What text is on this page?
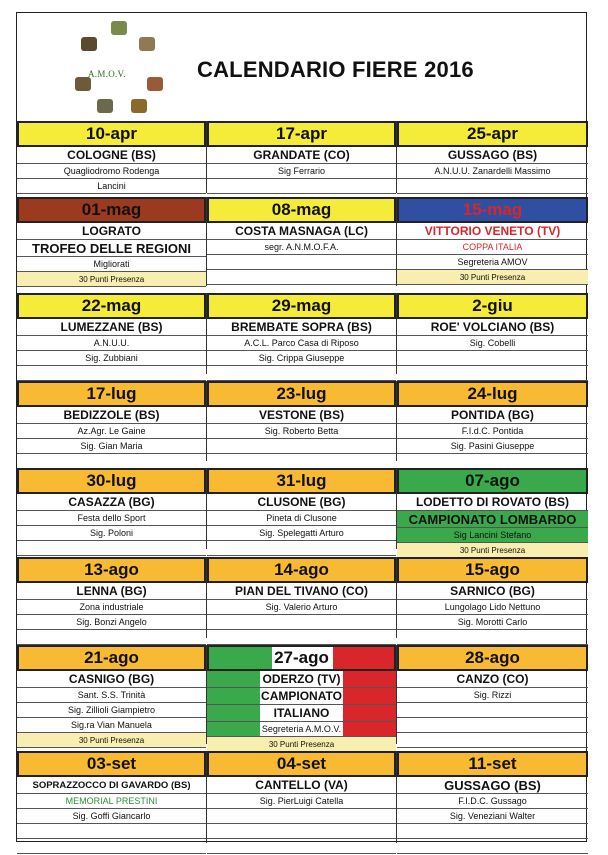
A.M.O.V.	CALENDARIO FIERE 2016
10-apr
COLOGNE (BS)
Quagliodromo Rodenga
Lancini
17-apr
GRANDATE (CO)
Sig Ferrario
25-apr
GUSSAGO (BS)
A.N.U.U. Zanardelli Massimo
01-mag
LOGRATO
TROFEO DELLE REGIONI
Migliorati
30 Punti Presenza
08-mag
COSTA MASNAGA (LC)
segr. A.N.M.O.F.A.
15-mag
VITTORIO VENETO (TV)
COPPA ITALIA
Segreteria AMOV
30 Punti Presenza
22-mag
LUMEZZANE (BS)
A.N.U.U.
Sig. Zubbiani
29-mag
BREMBATE SOPRA (BS)
A.C.L. Parco Casa di Riposo
Sig. Crippa Giuseppe
2-giu
ROE' VOLCIANO (BS)
Sig. Cobelli
17-lug
BEDIZZOLE (BS)
Az.Agr. Le Gaine
Sig. Gian Maria
23-lug
VESTONE (BS)
Sig. Roberto Betta
24-lug
PONTIDA (BG)
F.I.d.C. Pontida
Sig. Pasini Giuseppe
30-lug
CASAZZA (BG)
Festa dello Sport
Sig. Poloni
31-lug
CLUSONE (BG)
Pineta di Clusone
Sig. Spelegatti Arturo
07-ago
LODETTO DI ROVATO (BS)
CAMPIONATO LOMBARDO
Sig Lancini Stefano
30 Punti Presenza
13-ago
LENNA (BG)
Zona industriale
Sig. Bonzi Angelo
14-ago
PIAN DEL TIVANO (CO)
Sig. Valerio Arturo
15-ago
SARNICO (BG)
Lungolago Lido Nettuno
Sig. Morotti Carlo
21-ago
CASNIGO (BG)
Sant. S.S. Trinità
Sig. Zillioli Giampietro
Sig.ra Vian Manuela
30 Punti Presenza
27-ago
ODERZO (TV)
CAMPIONATO
ITALIANO
Segreteria A.M.O.V.
30 Punti Presenza
28-ago
CANZO (CO)
Sig. Rizzi
03-set
SOPRAZZOCCO DI GAVARDO (BS)
MEMORIAL PRESTINI
Sig. Goffi Giancarlo
04-set
CANTELLO (VA)
Sig. PierLuigi Catella
11-set
GUSSAGO (BS)
F.I.D.C. Gussago
Sig. Veneziani Walter
